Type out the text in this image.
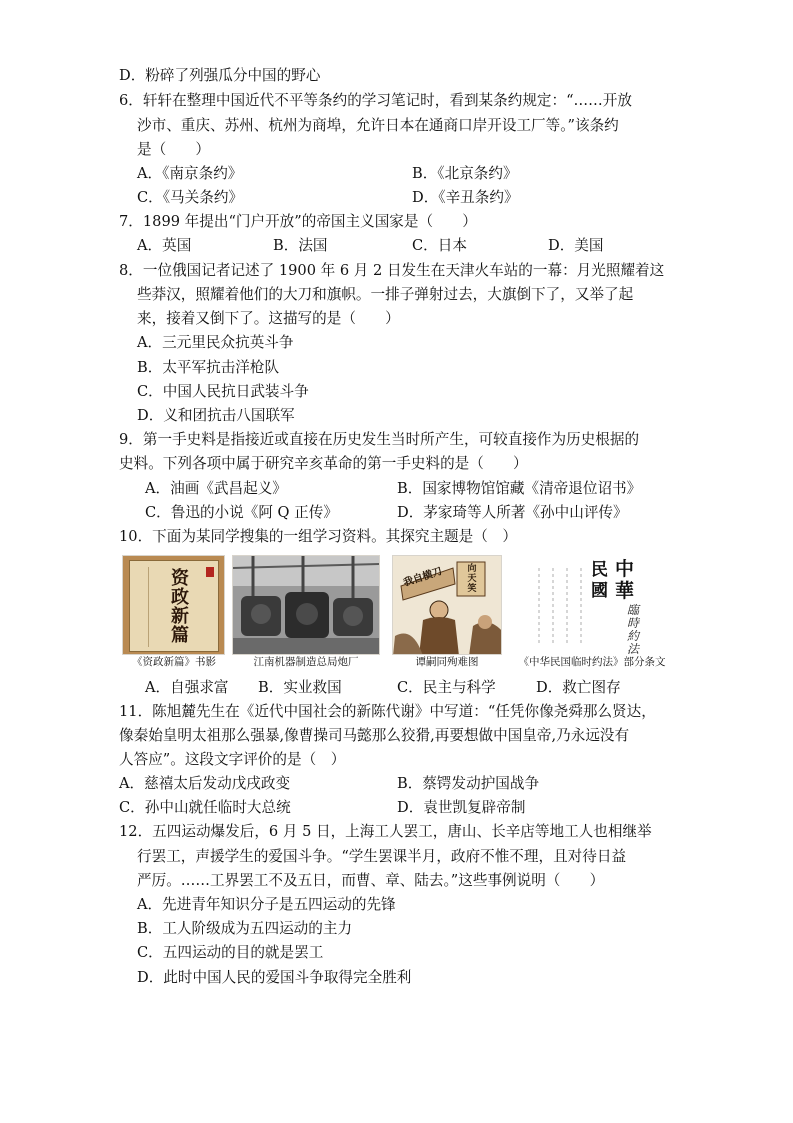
D．粉碎了列强瓜分中国的野心
6．轩轩在整理中国近代不平等条约的学习笔记时，看到某条约规定：“……开放
沙市、重庆、苏州、杭州为商埠，允许日本在通商口岸开设工厂等。”该条约
是（　　）
A．《南京条约》	B．《北京条约》
C．《马关条约》	D．《辛丑条约》
7．1899 年提出“门户开放”的帝国主义国家是（　　）
A．英国	B．法国	C．日本	D．美国
8．一位俄国记者记述了 1900 年 6 月 2 日发生在天津火车站的一幕：月光照耀着这
些莽汉，照耀着他们的大刀和旗帜。一排子弹射过去，大旗倒下了，又举了起
来，接着又倒下了。这描写的是（　　）
A．三元里民众抗英斗争
B．太平军抗击洋枪队
C．中国人民抗日武装斗争
D．义和团抗击八国联军
9．第一手史料是指接近或直接在历史发生当时所产生，可较直接作为历史根据的
史料。下列各项中属于研究辛亥革命的第一手史料的是（　　）
A．油画《武昌起义》	B．国家博物馆馆藏《清帝退位诏书》
C．鲁迅的小说《阿 Q 正传》	D．茅家琦等人所著《孙中山评传》
10．下面为某同学搜集的一组学习资料。其探究主题是（　）
资
政

新
篇
《资政新篇》书影	江南机器制造总局炮厂
我自横刀	向
天
笑
谭嗣同殉难图
中
華
民
國
臨
時
約
法
《中华民国临时约法》部分条文
A．自强求富 B．实业救国	C．民主与科学	D．救亡图存
11．陈旭麓先生在《近代中国社会的新陈代谢》中写道：“任凭你像尧舜那么贤达，
像秦始皇明太祖那么强暴,像曹操司马懿那么狡猾,再要想做中国皇帝,乃永远没有
人答应”。这段文字评价的是（　）
A．慈禧太后发动戊戌政变	B．蔡锷发动护国战争
C．孙中山就任临时大总统	D．袁世凯复辟帝制
12．五四运动爆发后，6 月 5 日，上海工人罢工，唐山、长辛店等地工人也相继举
行罢工，声援学生的爱国斗争。“学生罢课半月，政府不惟不理，且对待日益
严厉。……工界罢工不及五日，而曹、章、陆去。”这些事例说明（　　）
A．先进青年知识分子是五四运动的先锋
B．工人阶级成为五四运动的主力
C．五四运动的目的就是罢工
D．此时中国人民的爱国斗争取得完全胜利
